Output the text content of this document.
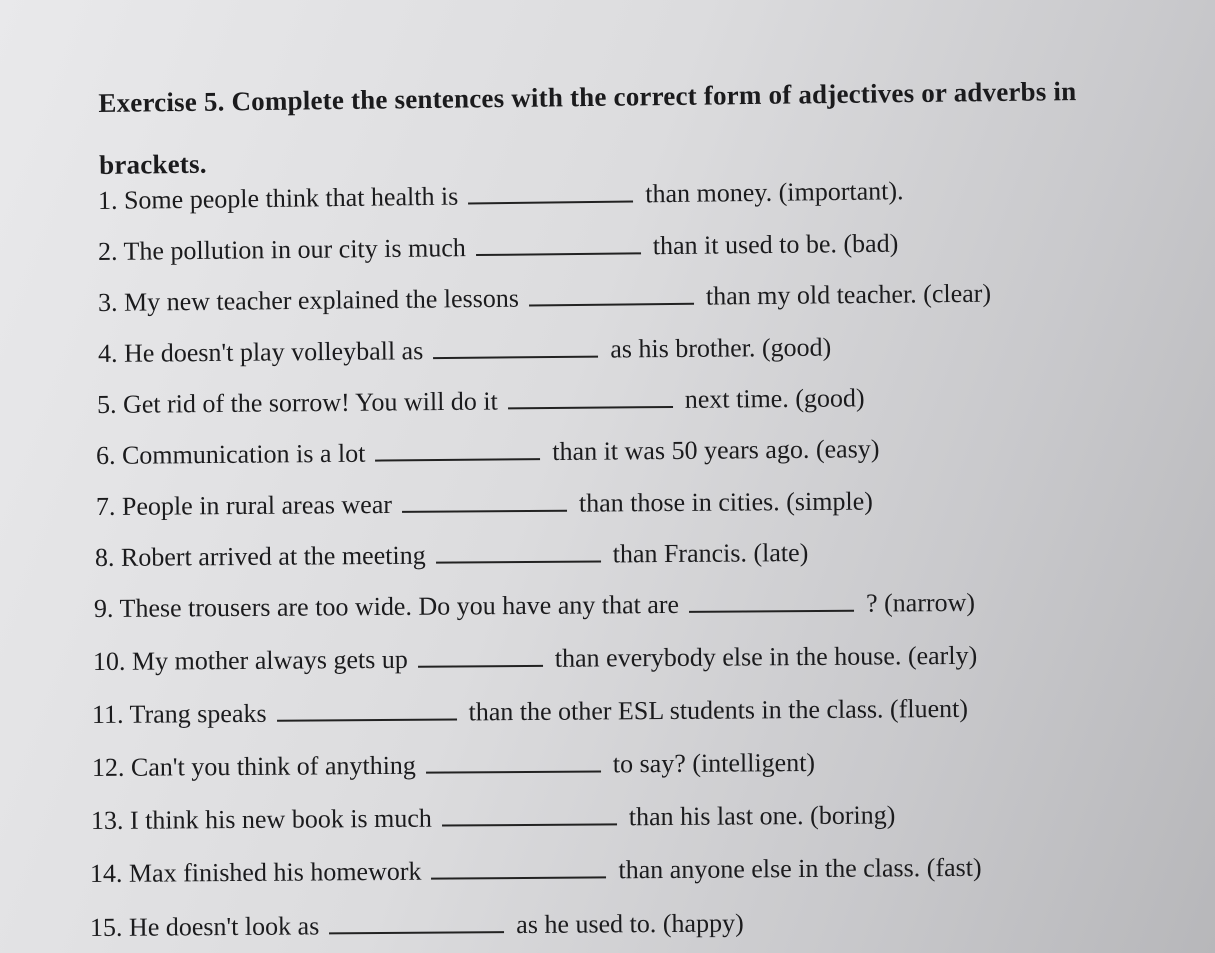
Exercise 5. Complete the sentences with the correct form of adjectives or adverbs in brackets.
1. Some people think that health is	than money. (important).
2. The pollution in our city is much	than it used to be. (bad)
3. My new teacher explained the lessons	than my old teacher. (clear)
4. He doesn't play volleyball as	as his brother. (good)
5. Get rid of the sorrow! You will do it	next time. (good)
6. Communication is a lot	than it was 50 years ago. (easy)
7. People in rural areas wear	than those in cities. (simple)
8. Robert arrived at the meeting	than Francis. (late)
9. These trousers are too wide. Do you have any that are	? (narrow)
10. My mother always gets up	than everybody else in the house. (early)
11. Trang speaks	than the other ESL students in the class. (fluent)
12. Can't you think of anything	to say? (intelligent)
13. I think his new book is much	than his last one. (boring)
14. Max finished his homework	than anyone else in the class. (fast)
15. He doesn't look as	as he used to. (happy)
